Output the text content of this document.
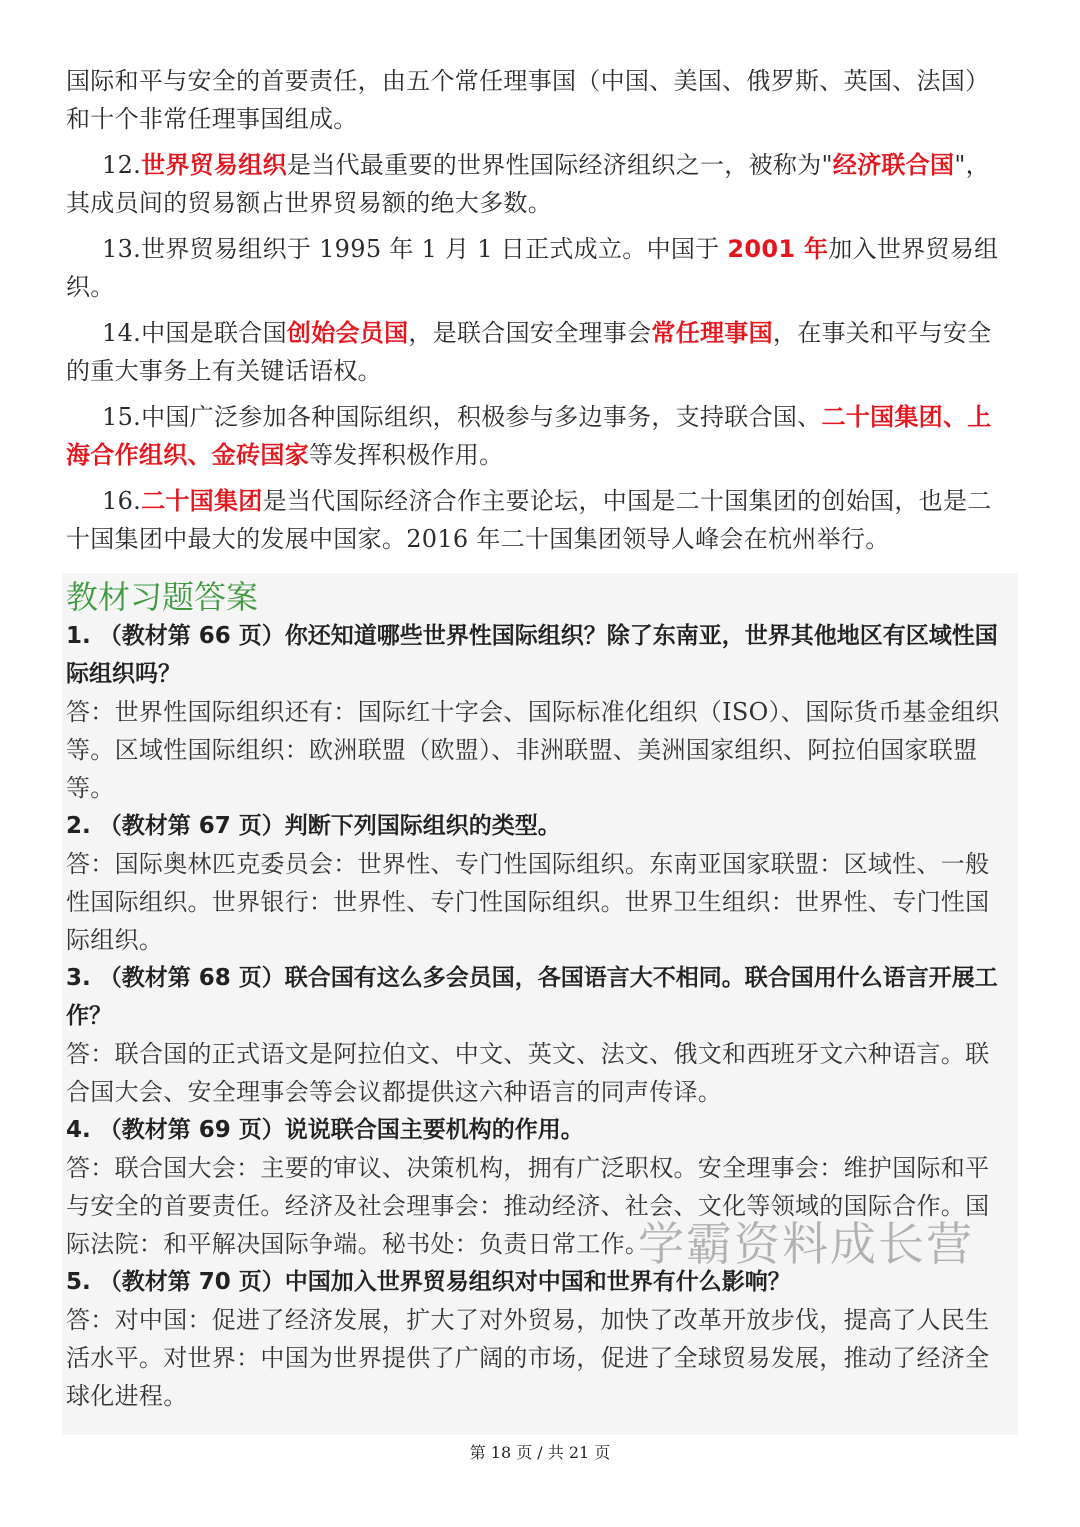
国际和平与安全的首要责任，由五个常任理事国（中国、美国、俄罗斯、英国、法国）和十个非常任理事国组成。

12.世界贸易组织是当代最重要的世界性国际经济组织之一，被称为"经济联合国"，其成员间的贸易额占世界贸易额的绝大多数。

13.世界贸易组织于 1995 年 1 月 1 日正式成立。中国于 2001 年加入世界贸易组织。

14.中国是联合国创始会员国，是联合国安全理事会常任理事国，在事关和平与安全的重大事务上有关键话语权。

15.中国广泛参加各种国际组织，积极参与多边事务，支持联合国、二十国集团、上海合作组织、金砖国家等发挥积极作用。

16.二十国集团是当代国际经济合作主要论坛，中国是二十国集团的创始国，也是二十国集团中最大的发展中国家。2016 年二十国集团领导人峰会在杭州举行。

教材习题答案

1. （教材第 66 页）你还知道哪些世界性国际组织？除了东南亚，世界其他地区有区域性国际组织吗？

答：世界性国际组织还有：国际红十字会、国际标准化组织（ISO）、国际货币基金组织等。区域性国际组织：欧洲联盟（欧盟）、非洲联盟、美洲国家组织、阿拉伯国家联盟等。

2. （教材第 67 页）判断下列国际组织的类型。

答：国际奥林匹克委员会：世界性、专门性国际组织。东南亚国家联盟：区域性、一般性国际组织。世界银行：世界性、专门性国际组织。世界卫生组织：世界性、专门性国际组织。

3. （教材第 68 页）联合国有这么多会员国，各国语言大不相同。联合国用什么语言开展工作？

答：联合国的正式语文是阿拉伯文、中文、英文、法文、俄文和西班牙文六种语言。联合国大会、安全理事会等会议都提供这六种语言的同声传译。

4. （教材第 69 页）说说联合国主要机构的作用。

答：联合国大会：主要的审议、决策机构，拥有广泛职权。安全理事会：维护国际和平与安全的首要责任。经济及社会理事会：推动经济、社会、文化等领域的国际合作。国际法院：和平解决国际争端。秘书处：负责日常工作。

5. （教材第 70 页）中国加入世界贸易组织对中国和世界有什么影响？

答：对中国：促进了经济发展，扩大了对外贸易，加快了改革开放步伐，提高了人民生活水平。对世界：中国为世界提供了广阔的市场，促进了全球贸易发展，推动了经济全球化进程。

学霸资料成长营
第 18 页 / 共 21 页
